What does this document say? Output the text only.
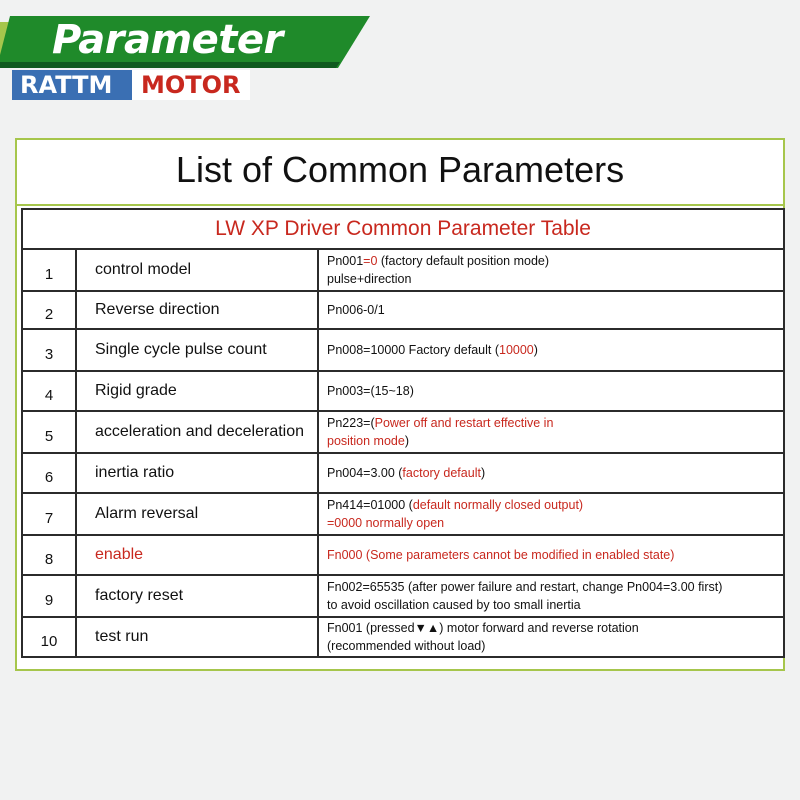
Parameter
RATTM MOTOR
List of Common Parameters
LW XP Driver Common Parameter Table		
1	control model	Pn001=0 (factory default position mode)
pulse+direction

2	Reverse direction	Pn006-0/1
3	Single cycle pulse count	Pn008=10000 Factory default (10000)
4	Rigid grade	Pn003=(15~18)
5	acceleration and deceleration	Pn223=(Power off and restart effective in
position mode)

6	inertia ratio	Pn004=3.00 (factory default)
7	Alarm reversal	Pn414=01000 (default normally closed output)
=0000 normally open

8	enable	Fn000 (Some parameters cannot be modified in enabled state)
9	factory reset	Fn002=65535 (after power failure and restart, change Pn004=3.00 first)
to avoid oscillation caused by too small inertia

10	test run	Fn001 (pressed▼▲) motor forward and reverse rotation
(recommended without load)
